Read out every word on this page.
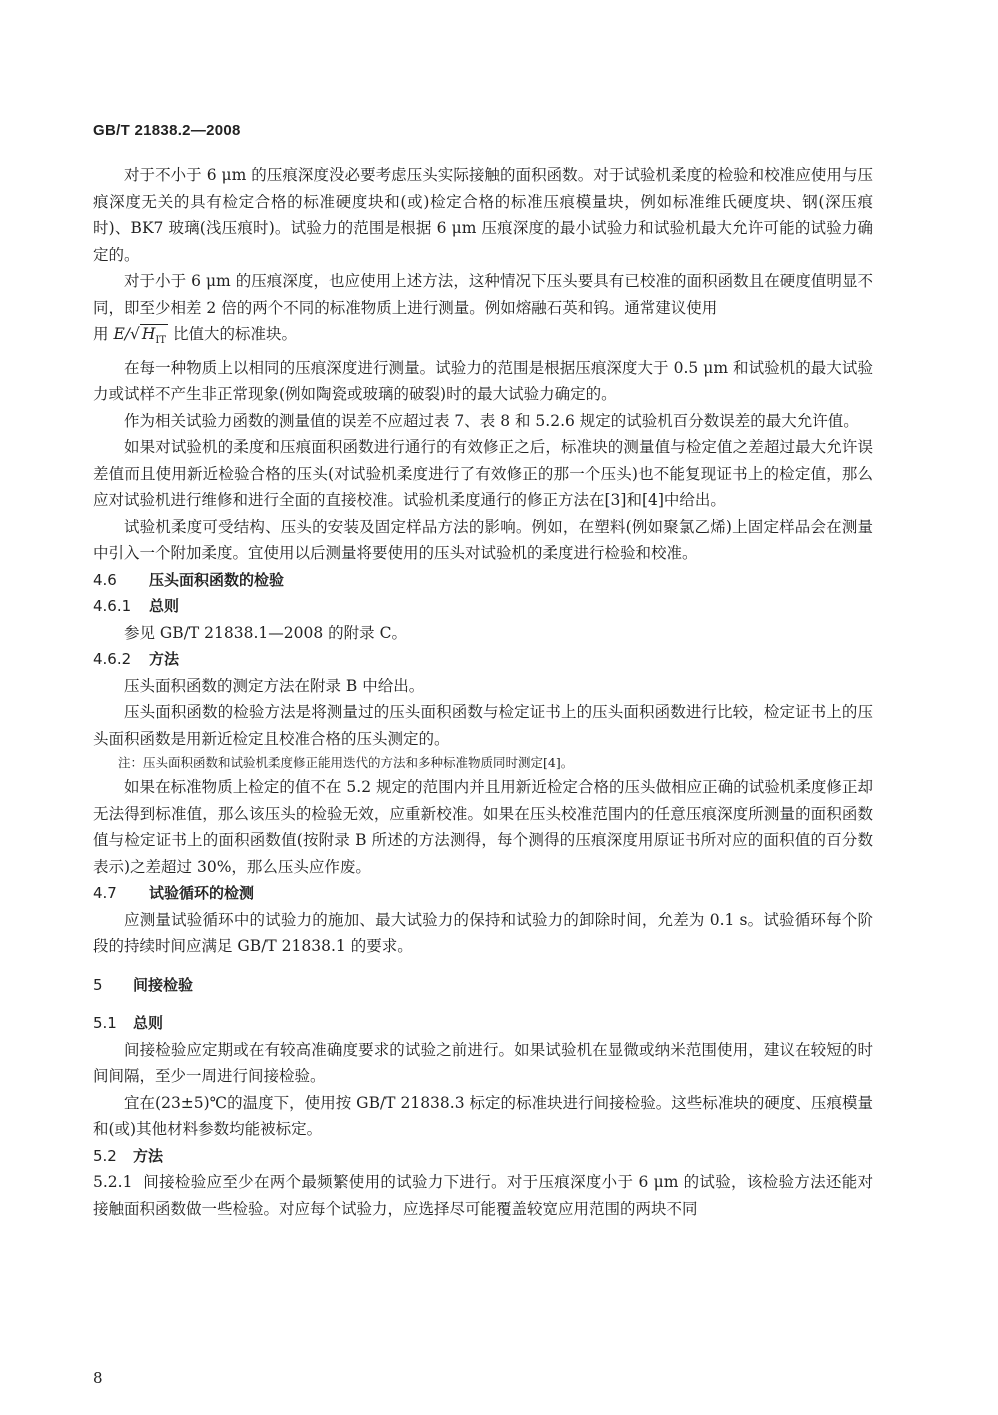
GB/T 21838.2—2008

对于不小于 6 μm 的压痕深度没必要考虑压头实际接触的面积函数。对于试验机柔度的检验和校准应使用与压痕深度无关的具有检定合格的标准硬度块和(或)检定合格的标准压痕模量块，例如标准维氏硬度块、钢(深压痕时)、BK7 玻璃(浅压痕时)。试验力的范围是根据 6 μm 压痕深度的最小试验力和试验机最大允许可能的试验力确定的。

对于小于 6 μm 的压痕深度，也应使用上述方法，这种情况下压头要具有已校准的面积函数且在硬度值明显不同，即至少相差 2 倍的两个不同的标准物质上进行测量。例如熔融石英和钨。通常建议使用

用 E/√ $H_{IT}$ 比值大的标准块。

在每一种物质上以相同的压痕深度进行测量。试验力的范围是根据压痕深度大于 0.5 μm 和试验机的最大试验力或试样不产生非正常现象(例如陶瓷或玻璃的破裂)时的最大试验力确定的。

作为相关试验力函数的测量值的误差不应超过表 7、表 8 和 5.2.6 规定的试验机百分数误差的最大允许值。

如果对试验机的柔度和压痕面积函数进行通行的有效修正之后，标准块的测量值与检定值之差超过最大允许误差值而且使用新近检验合格的压头(对试验机柔度进行了有效修正的那一个压头)也不能复现证书上的检定值，那么应对试验机进行维修和进行全面的直接校准。试验机柔度通行的修正方法在[3]和[4]中给出。

试验机柔度可受结构、压头的安装及固定样品方法的影响。例如，在塑料(例如聚氯乙烯)上固定样品会在测量中引入一个附加柔度。宜使用以后测量将要使用的压头对试验机的柔度进行检验和校准。

4.6 压头面积函数的检验
4.6.1 总则

参见 GB/T 21838.1—2008 的附录 C。

4.6.2 方法

压头面积函数的测定方法在附录 B 中给出。

压头面积函数的检验方法是将测量过的压头面积函数与检定证书上的压头面积函数进行比较，检定证书上的压头面积函数是用新近检定且校准合格的压头测定的。

注：压头面积函数和试验机柔度修正能用迭代的方法和多种标准物质同时测定[4]。

如果在标准物质上检定的值不在 5.2 规定的范围内并且用新近检定合格的压头做相应正确的试验机柔度修正却无法得到标准值，那么该压头的检验无效，应重新校准。如果在压头校准范围内的任意压痕深度所测量的面积函数值与检定证书上的面积函数值(按附录 B 所述的方法测得，每个测得的压痕深度用原证书所对应的面积值的百分数表示)之差超过 30%，那么压头应作废。

4.7 试验循环的检测

应测量试验循环中的试验力的施加、最大试验力的保持和试验力的卸除时间，允差为 0.1 s。试验循环每个阶段的持续时间应满足 GB/T 21838.1 的要求。

5 间接检验
5.1 总则

间接检验应定期或在有较高准确度要求的试验之前进行。如果试验机在显微或纳米范围使用，建议在较短的时间间隔，至少一周进行间接检验。

宜在(23±5)℃的温度下，使用按 GB/T 21838.3 标定的标准块进行间接检验。这些标准块的硬度、压痕模量和(或)其他材料参数均能被标定。

5.2 方法

5.2.1 间接检验应至少在两个最频繁使用的试验力下进行。对于压痕深度小于 6 μm 的试验，该检验方法还能对接触面积函数做一些检验。对应每个试验力，应选择尽可能覆盖较宽应用范围的两块不同

8
